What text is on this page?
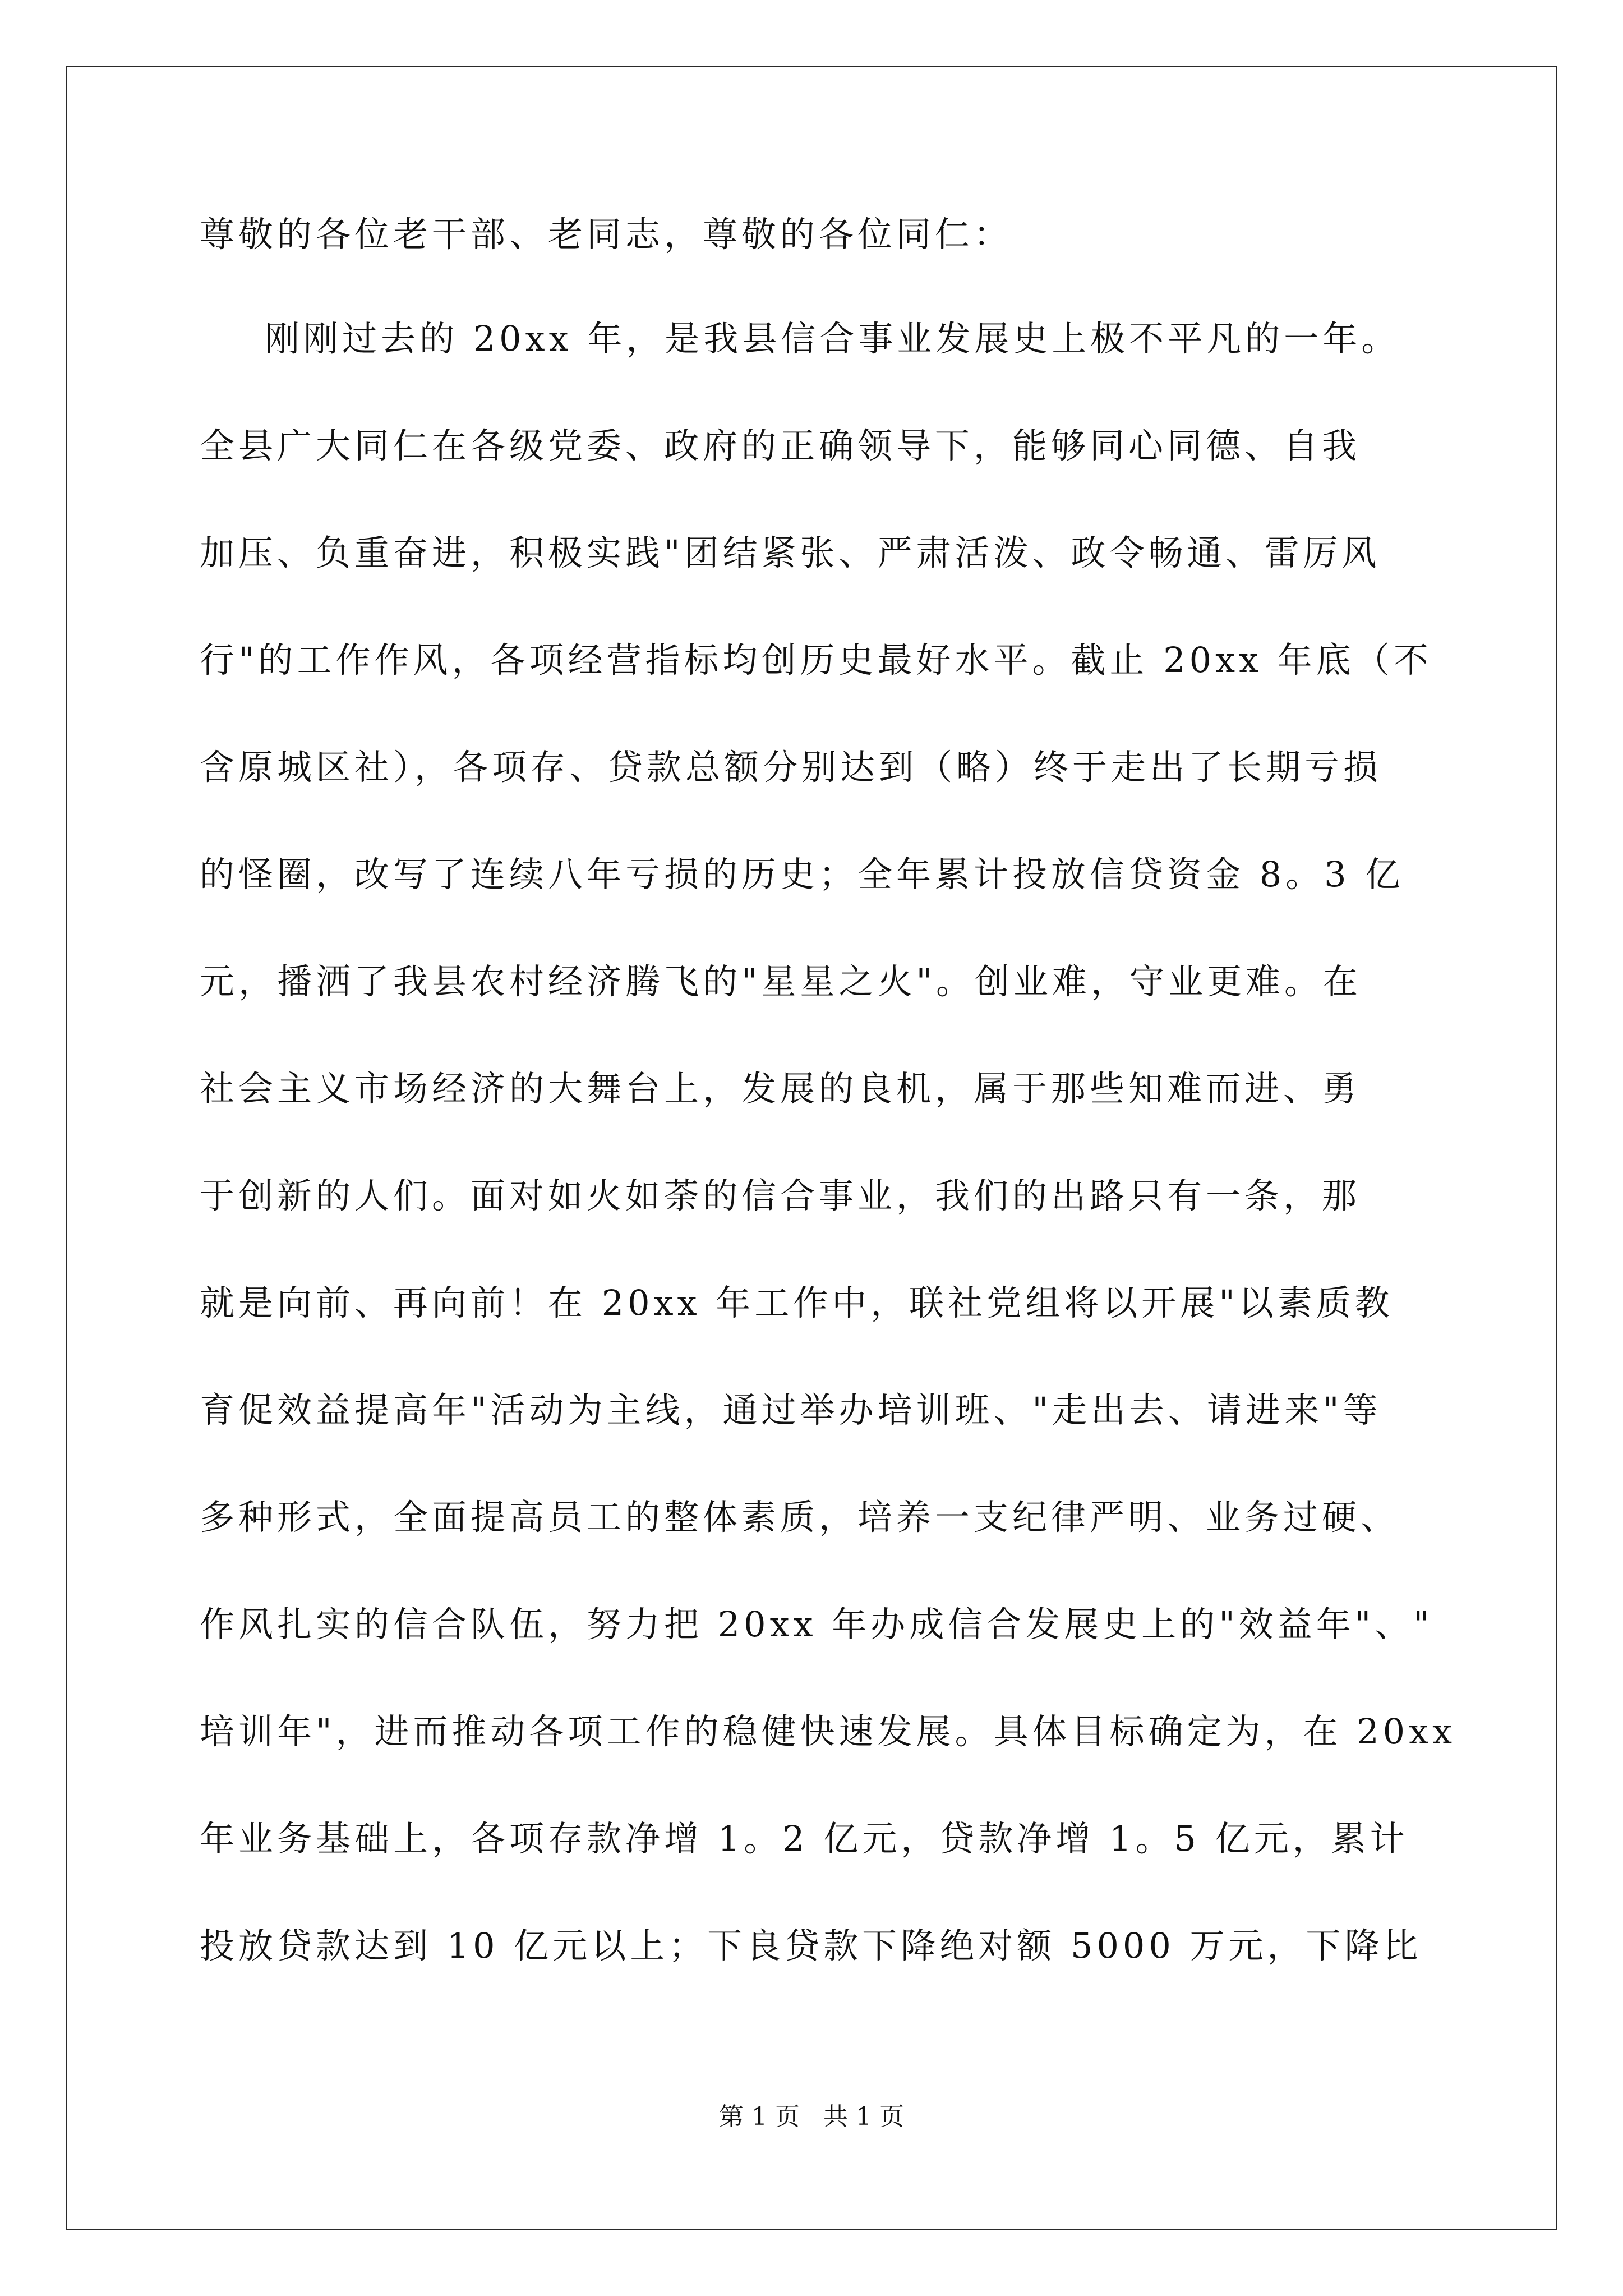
尊敬的各位老干部、老同志，尊敬的各位同仁：
刚刚过去的 20xx 年，是我县信合事业发展史上极不平凡的一年。
全县广大同仁在各级党委、政府的正确领导下，能够同心同德、自我
加压、负重奋进，积极实践"团结紧张、严肃活泼、政令畅通、雷厉风
行"的工作作风，各项经营指标均创历史最好水平。截止 20xx 年底（不
含原城区社），各项存、贷款总额分别达到（略）终于走出了长期亏损
的怪圈，改写了连续八年亏损的历史；全年累计投放信贷资金 8。3 亿
元，播洒了我县农村经济腾飞的"星星之火"。创业难，守业更难。在
社会主义市场经济的大舞台上，发展的良机，属于那些知难而进、勇
于创新的人们。面对如火如荼的信合事业，我们的出路只有一条，那
就是向前、再向前！在 20xx 年工作中，联社党组将以开展"以素质教
育促效益提高年"活动为主线，通过举办培训班、"走出去、请进来"等
多种形式，全面提高员工的整体素质，培养一支纪律严明、业务过硬、
作风扎实的信合队伍，努力把 20xx 年办成信合发展史上的"效益年"、"
培训年"，进而推动各项工作的稳健快速发展。具体目标确定为，在 20xx
年业务基础上，各项存款净增 1。2 亿元，贷款净增 1。5 亿元，累计
投放贷款达到 10 亿元以上；下良贷款下降绝对额 5000 万元，下降比
第 1 页   共 1 页
